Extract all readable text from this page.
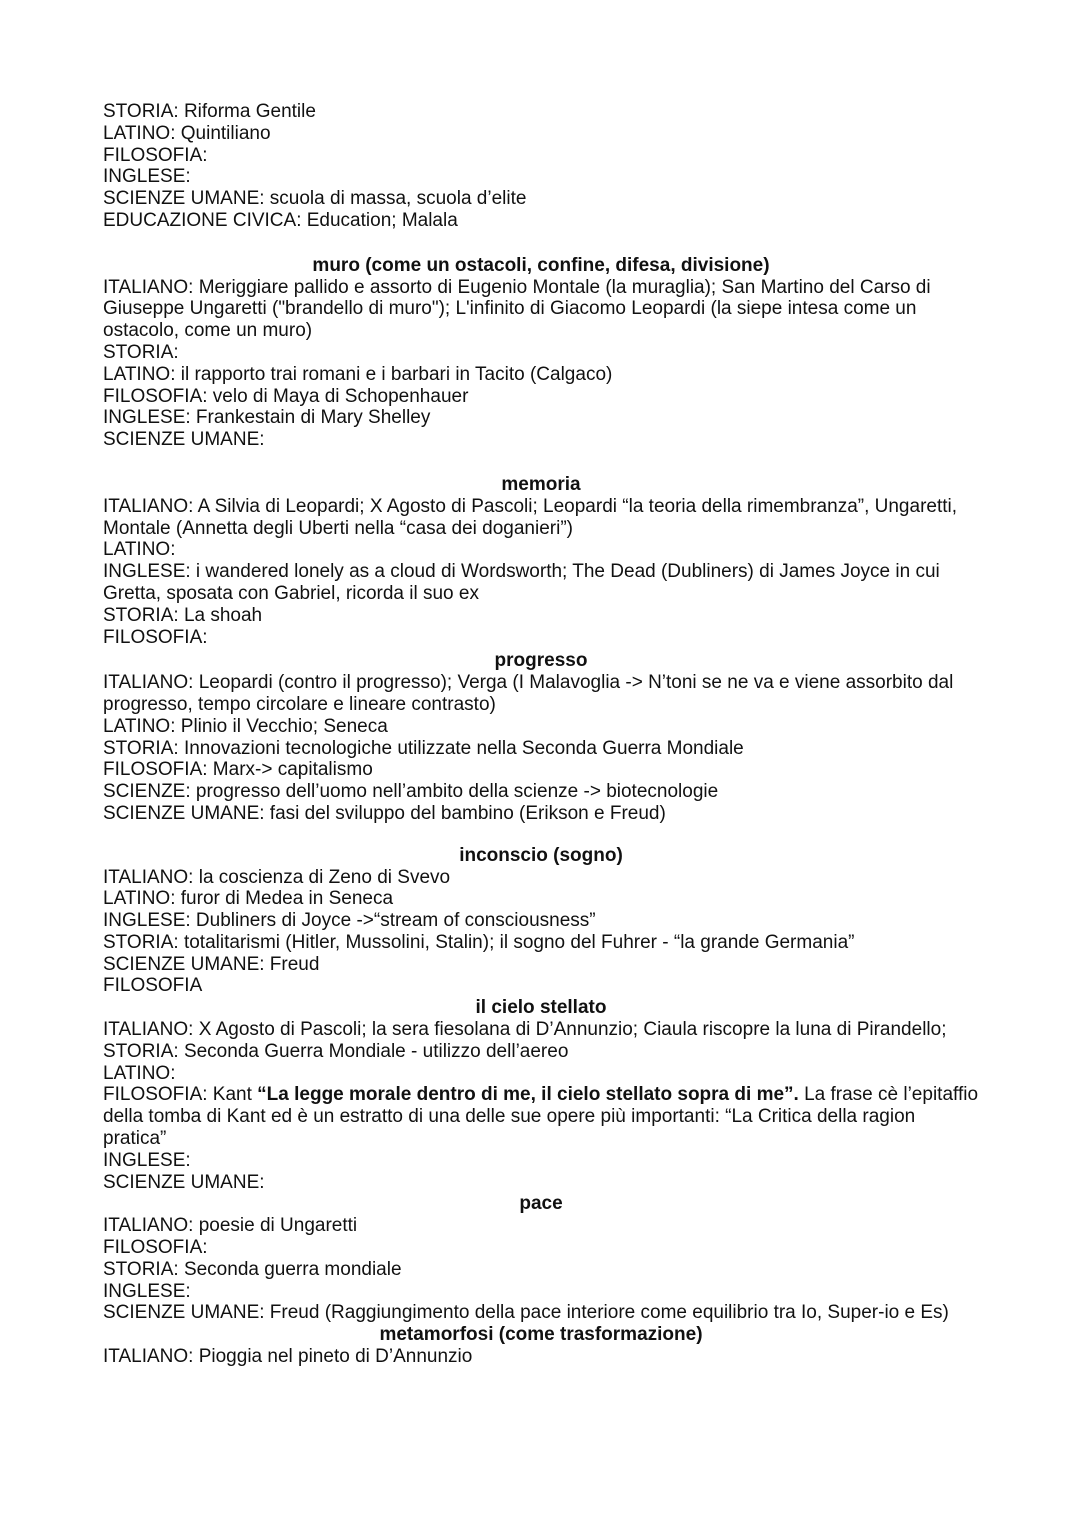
STORIA: Riforma Gentile

LATINO: Quintiliano

FILOSOFIA:

INGLESE:

SCIENZE UMANE: scuola di massa, scuola d’elite

EDUCAZIONE CIVICA: Education; Malala

muro (come un ostacoli, confine, difesa, divisione)

ITALIANO: Meriggiare pallido e assorto di Eugenio Montale (la muraglia); San Martino del Carso di Giuseppe Ungaretti ("brandello di muro"); L'infinito di Giacomo Leopardi (la siepe intesa come un ostacolo, come un muro)

STORIA:

LATINO: il rapporto trai romani e i barbari in Tacito (Calgaco)

FILOSOFIA: velo di Maya di Schopenhauer

INGLESE: Frankestain di Mary Shelley

SCIENZE UMANE:

memoria

ITALIANO: A Silvia di Leopardi; X Agosto di Pascoli; Leopardi “la teoria della rimembranza”, Ungaretti, Montale (Annetta degli Uberti nella “casa dei doganieri”)

LATINO:

INGLESE: i wandered lonely as a cloud di Wordsworth; The Dead (Dubliners) di James Joyce in cui Gretta, sposata con Gabriel, ricorda il suo ex

STORIA: La shoah

FILOSOFIA:

progresso

ITALIANO: Leopardi (contro il progresso); Verga (I Malavoglia -> N’toni se ne va e viene assorbito dal progresso, tempo circolare e lineare contrasto)

LATINO: Plinio il Vecchio; Seneca

STORIA: Innovazioni tecnologiche utilizzate nella Seconda Guerra Mondiale

FILOSOFIA: Marx-> capitalismo

SCIENZE: progresso dell’uomo nell’ambito della scienze -> biotecnologie

SCIENZE UMANE: fasi del sviluppo del bambino (Erikson e Freud)

inconscio (sogno)

ITALIANO: la coscienza di Zeno di Svevo

LATINO: furor di Medea in Seneca

INGLESE: Dubliners di Joyce ->“stream of consciousness”

STORIA: totalitarismi (Hitler, Mussolini, Stalin); il sogno del Fuhrer - “la grande Germania”

SCIENZE UMANE: Freud

FILOSOFIA

il cielo stellato

ITALIANO: X Agosto di Pascoli; la sera fiesolana di D’Annunzio; Ciaula riscopre la luna di Pirandello;

STORIA: Seconda Guerra Mondiale - utilizzo dell’aereo

LATINO:

FILOSOFIA: Kant “La legge morale dentro di me, il cielo stellato sopra di me”. La frase cè l’epitaffio della tomba di Kant ed è un estratto di una delle sue opere più importanti: “La Critica della ragion pratica”

INGLESE:

SCIENZE UMANE:

pace

ITALIANO: poesie di Ungaretti

FILOSOFIA:

STORIA: Seconda guerra mondiale

INGLESE:

SCIENZE UMANE: Freud (Raggiungimento della pace interiore come equilibrio tra Io, Super-io e Es)

metamorfosi (come trasformazione)

ITALIANO: Pioggia nel pineto di D’Annunzio
